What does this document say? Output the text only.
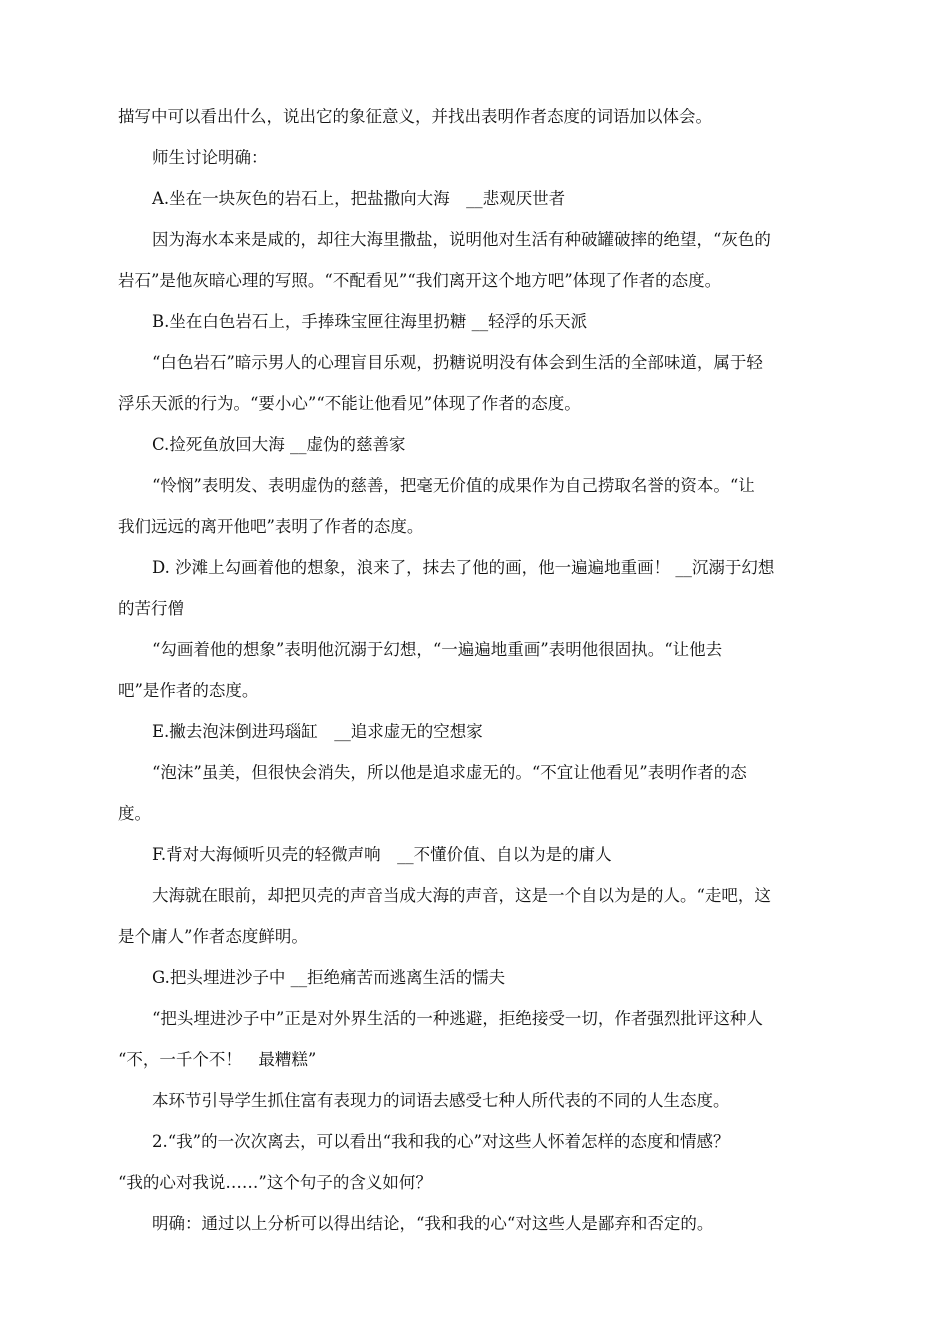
描写中可以看出什么，说出它的象征意义，并找出表明作者态度的词语加以体会。

师生讨论明确：

A.坐在一块灰色的岩石上，把盐撒向大海　__悲观厌世者

因为海水本来是咸的，却往大海里撒盐，说明他对生活有种破罐破摔的绝望，“灰色的

岩石”是他灰暗心理的写照。“不配看见”“我们离开这个地方吧”体现了作者的态度。

B.坐在白色岩石上，手捧珠宝匣往海里扔糖 __轻浮的乐天派

“白色岩石”暗示男人的心理盲目乐观，扔糖说明没有体会到生活的全部味道，属于轻

浮乐天派的行为。“要小心”“不能让他看见”体现了作者的态度。

C.捡死鱼放回大海 __虚伪的慈善家

“怜悯”表明发、表明虚伪的慈善，把毫无价值的成果作为自己捞取名誉的资本。“让

我们远远的离开他吧”表明了作者的态度。

D. 沙滩上勾画着他的想象，浪来了，抹去了他的画，他一遍遍地重画！ __沉溺于幻想

的苦行僧

“勾画着他的想象”表明他沉溺于幻想，“一遍遍地重画”表明他很固执。“让他去

吧”是作者的态度。

E.撇去泡沫倒进玛瑙缸　__追求虚无的空想家

“泡沫”虽美，但很快会消失，所以他是追求虚无的。“不宜让他看见”表明作者的态

度。

F.背对大海倾听贝壳的轻微声响　__不懂价值、自以为是的庸人

大海就在眼前，却把贝壳的声音当成大海的声音，这是一个自以为是的人。“走吧，这

是个庸人”作者态度鲜明。

G.把头埋进沙子中 __拒绝痛苦而逃离生活的懦夫

“把头埋进沙子中”正是对外界生活的一种逃避，拒绝接受一切，作者强烈批评这种人

“不，一千个不！　最糟糕”

本环节引导学生抓住富有表现力的词语去感受七种人所代表的不同的人生态度。

2.“我”的一次次离去，可以看出“我和我的心”对这些人怀着怎样的态度和情感？

“我的心对我说……”这个句子的含义如何？

明确：通过以上分析可以得出结论，“我和我的心“对这些人是鄙弃和否定的。
